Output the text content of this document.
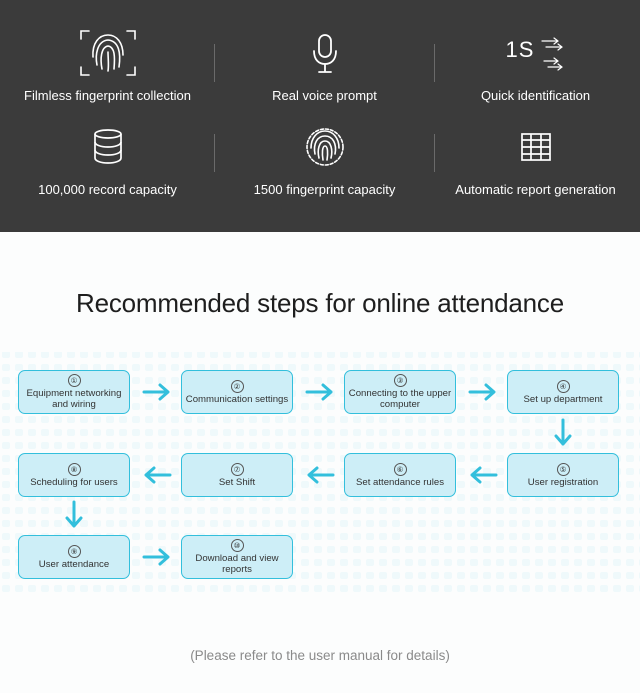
Filmless fingerprint collection	Real voice prompt
1S
Quick identification
100,000 record capacity	1500 fingerprint capacity	Automatic report generation
Recommended steps for online attendance
①
Equipment networking and wiring
②
Communication settings
③
Connecting to the upper computer
④
Set up department
⑤
User registration
⑥
Set attendance rules
⑦
Set Shift
⑧
Scheduling for users
⑨
User attendance
⑩
Download and view reports
(Please refer to the user manual for details)
